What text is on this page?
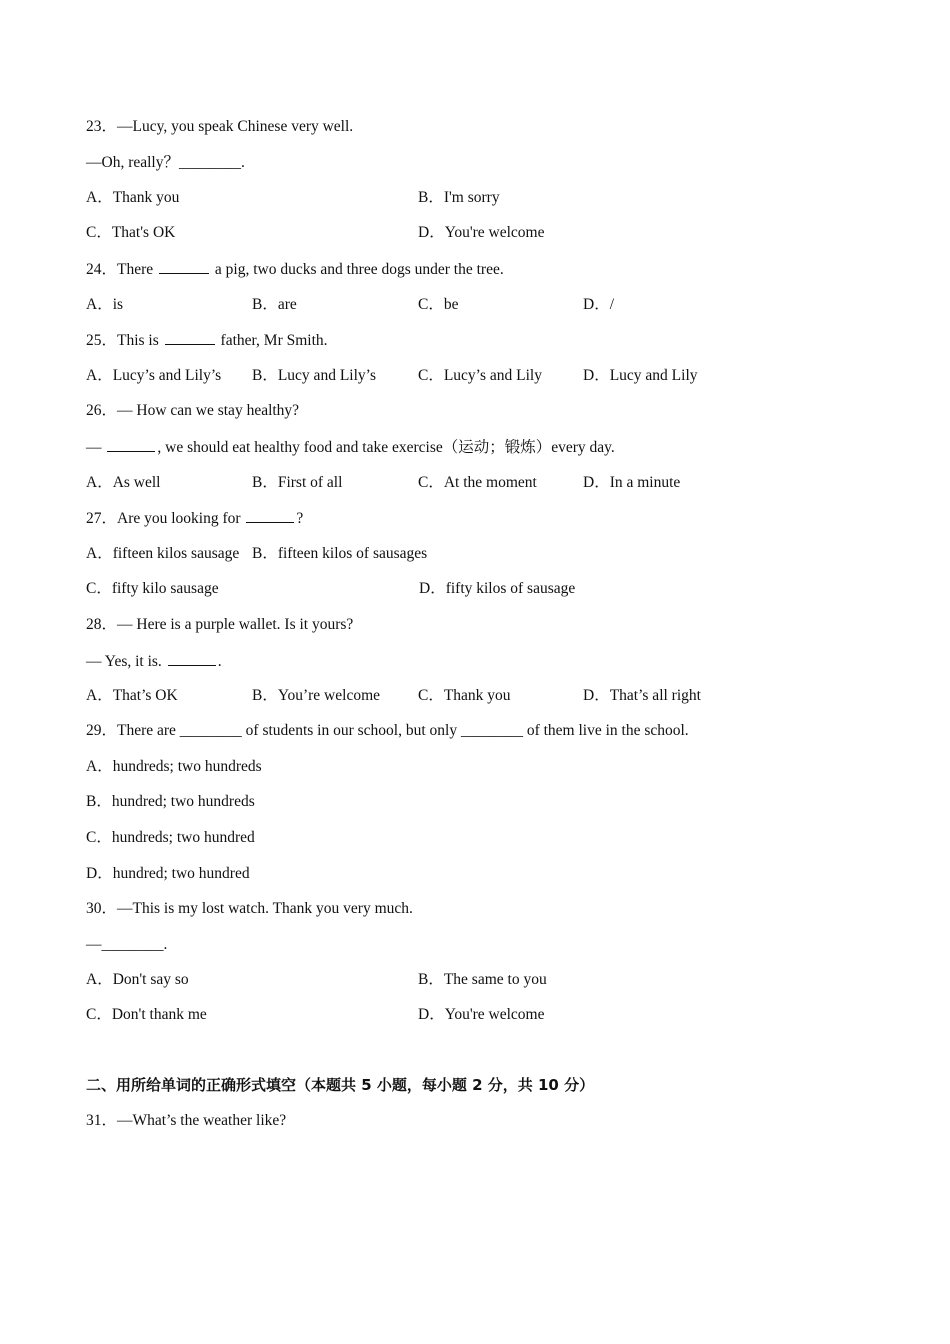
23．—Lucy, you speak Chinese very well.
—Oh, really？________.
A．Thank you	B．I'm sorry
C．That's OK	D．You're welcome
24．There	a pig, two ducks and three dogs under the tree.
A．is	B．are	C．be	D．/
25．This is	father, Mr Smith.
A．Lucy’s and Lily’s B．Lucy and Lily’s	C．Lucy’s and Lily	D．Lucy and Lily
26．— How can we stay healthy?
—	, we should eat healthy food and take exercise（运动；锻炼）every day.
A．As well	B．First of all	C．At the moment	D．In a minute
27．Are you looking for	?
A．fifteen kilos sausage B．fifteen kilos of sausages
C．fifty kilo sausage	D．fifty kilos of sausage
28．— Here is a purple wallet. Is it yours?
— Yes, it is.	.
A．That’s OK	B．You’re welcome C．Thank you	D．That’s all right
29．There are ________ of students in our school, but only ________ of them live in the school.
A．hundreds; two hundreds
B．hundred; two hundreds
C．hundreds; two hundred
D．hundred; two hundred
30．—This is my lost watch. Thank you very much.
—________.
A．Don't say so	B．The same to you
C．Don't thank me	D．You're welcome
二、用所给单词的正确形式填空（本题共 5 小题，每小题 2 分，共 10 分）
31．—What’s the weather like?
